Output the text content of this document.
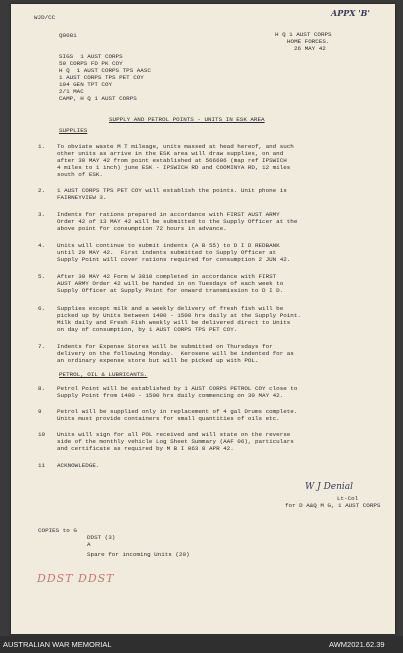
WJD/CC
Q0081
APPX 'B'
H Q 1 AUST CORPS
HOME FORCES.
26 MAY 42
SIGS  1 AUST CORPS
59 CORPS FD PK COY
H Q  1 AUST CORPS TPS AASC
1 AUST CORPS TPS PET COY
104 GEN TPT COY
2/1 MAC
CAMP, H Q 1 AUST CORPS
SUPPLY AND PETROL POINTS - UNITS IN ESK AREA
SUPPLIES
1. To obviate waste M T mileage, units massed at head hereof, and such
other units as arrive in the ESK area will draw supplies, on and
after 30 MAY 42 from point established at 566606 (map ref IPSWICH
4 miles to 1 inch) june ESK - IPSWICH RD and COOMINYA RD, 12 miles
south of ESK.
2. 1 AUST CORPS TPS PET COY will establish the points. Unit phone is
FAIRNEYVIEW 3.
3. Indents for rations prepared in accordance with FIRST AUST ARMY
Order 42 of 13 MAY 42 will be submitted to the Supply Officer at the
above point for consumption 72 hours in advance.
4. Units will continue to submit indents (A B 55) to D I D REDBANK
until 29 MAY 42.  First indents submitted to Supply Officer at
Supply Point will cover rations required for consumption 2 JUN 42.
5. After 30 MAY 42 Form W 3810 completed in accordance with FIRST
AUST ARMY Order 42 will be handed in on Tuesdays of each week to
Supply Officer at Supply Point for onward transmission to D I D.
6. Supplies except milk and a weekly delivery of fresh fish will be
picked up by Units between 1400 - 1500 hrs daily at the Supply Point.
Milk daily and Fresh Fish weekly will be delivered direct to Units
on day of consumption, by 1 AUST CORPS TPS PET COY.
7. Indents for Expense Stores will be submitted on Thursdays for
delivery on the following Monday.  Kerosene will be indented for as
an ordinary expense store but will be picked up with POL.
PETROL, OIL & LUBRICANTS.
8. Petrol Point will be established by 1 AUST CORPS PETROL COY close to
Supply Point from 1400 - 1500 hrs daily commencing on 30 MAY 42.
9	Petrol will be supplied only in replacement of 4 gal Drums complete.
Units must provide containers for small quantities of oils etc.
10 Units will sign for all POL received and will state on the reverse
side of the monthly vehicle Log Sheet Summary (AAF 06), particulars
and certificate as required by M B I 063 8 APR 42.
11 ACKNOWLEDGE.
W J Denial
Lt-Col
for D A&Q M G, 1 AUST CORPS
COPIES to G
DDST (3)
A
Spare for incoming Units (20)
DDST DDST
AUSTRALIAN WAR MEMORIAL	AWM2021.62.39
